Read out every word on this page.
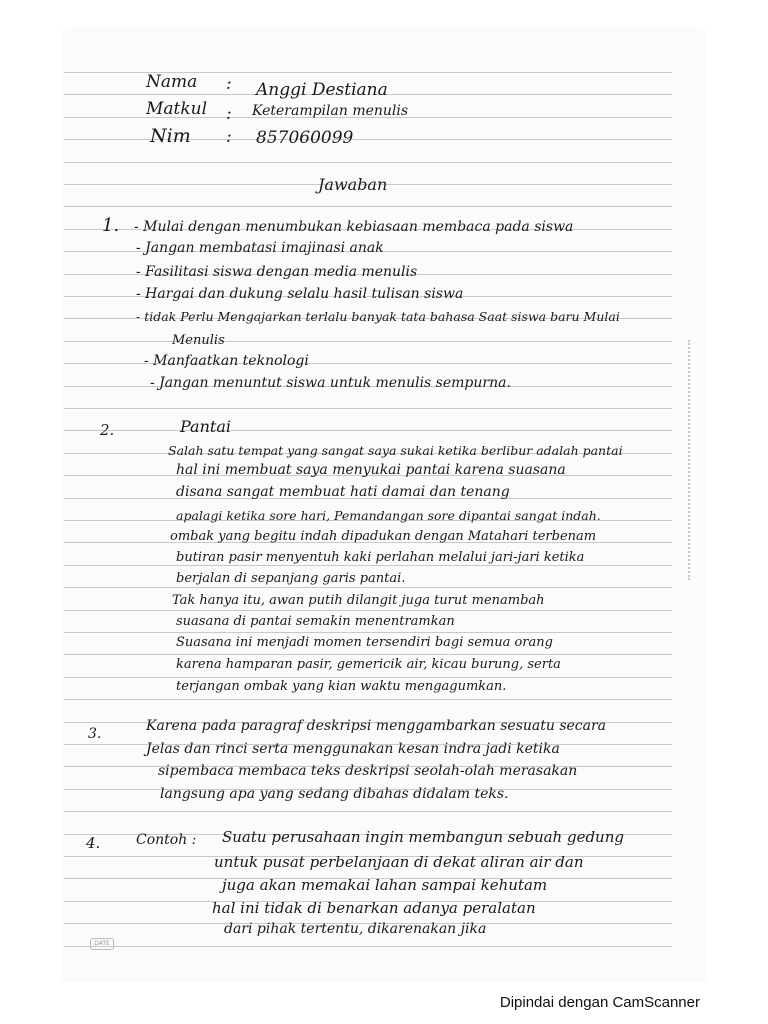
Nama : Anggi Destiana
Matkul : Keterampilan menulis
Nim : 857060099
Jawaban
1. - Mulai dengan menumbukan kebiasaan membaca pada siswa
- Jangan membatasi imajinasi anak
- Fasilitasi siswa dengan media menulis
- Hargai dan dukung selalu hasil tulisan siswa
- tidak Perlu Mengajarkan terlalu banyak tata bahasa Saat siswa baru Mulai
Menulis
- Manfaatkan teknologi
- Jangan menuntut siswa untuk menulis sempurna.
2.	Pantai
Salah satu tempat yang sangat saya sukai ketika berlibur adalah pantai
hal ini membuat saya menyukai pantai karena suasana
disana sangat membuat hati damai dan tenang
apalagi ketika sore hari, Pemandangan sore dipantai sangat indah.
ombak yang begitu indah dipadukan dengan Matahari terbenam
butiran pasir menyentuh kaki perlahan melalui jari-jari ketika
berjalan di sepanjang garis pantai.
Tak hanya itu, awan putih dilangit juga turut menambah
suasana di pantai semakin menentramkan
Suasana ini menjadi momen tersendiri bagi semua orang
karena hamparan pasir, gemericik air, kicau burung, serta
terjangan ombak yang kian waktu mengagumkan.
3.	Karena pada paragraf deskripsi menggambarkan sesuatu secara
Jelas dan rinci serta menggunakan kesan indra jadi ketika
sipembaca membaca teks deskripsi seolah-olah merasakan
langsung apa yang sedang dibahas didalam teks.
4.	Contoh : Suatu perusahaan ingin membangun sebuah gedung
untuk pusat perbelanjaan di dekat aliran air dan
juga akan memakai lahan sampai kehutam
hal ini tidak di benarkan adanya peralatan
dari pihak tertentu, dikarenakan jika
DATE
Dipindai dengan CamScanner
